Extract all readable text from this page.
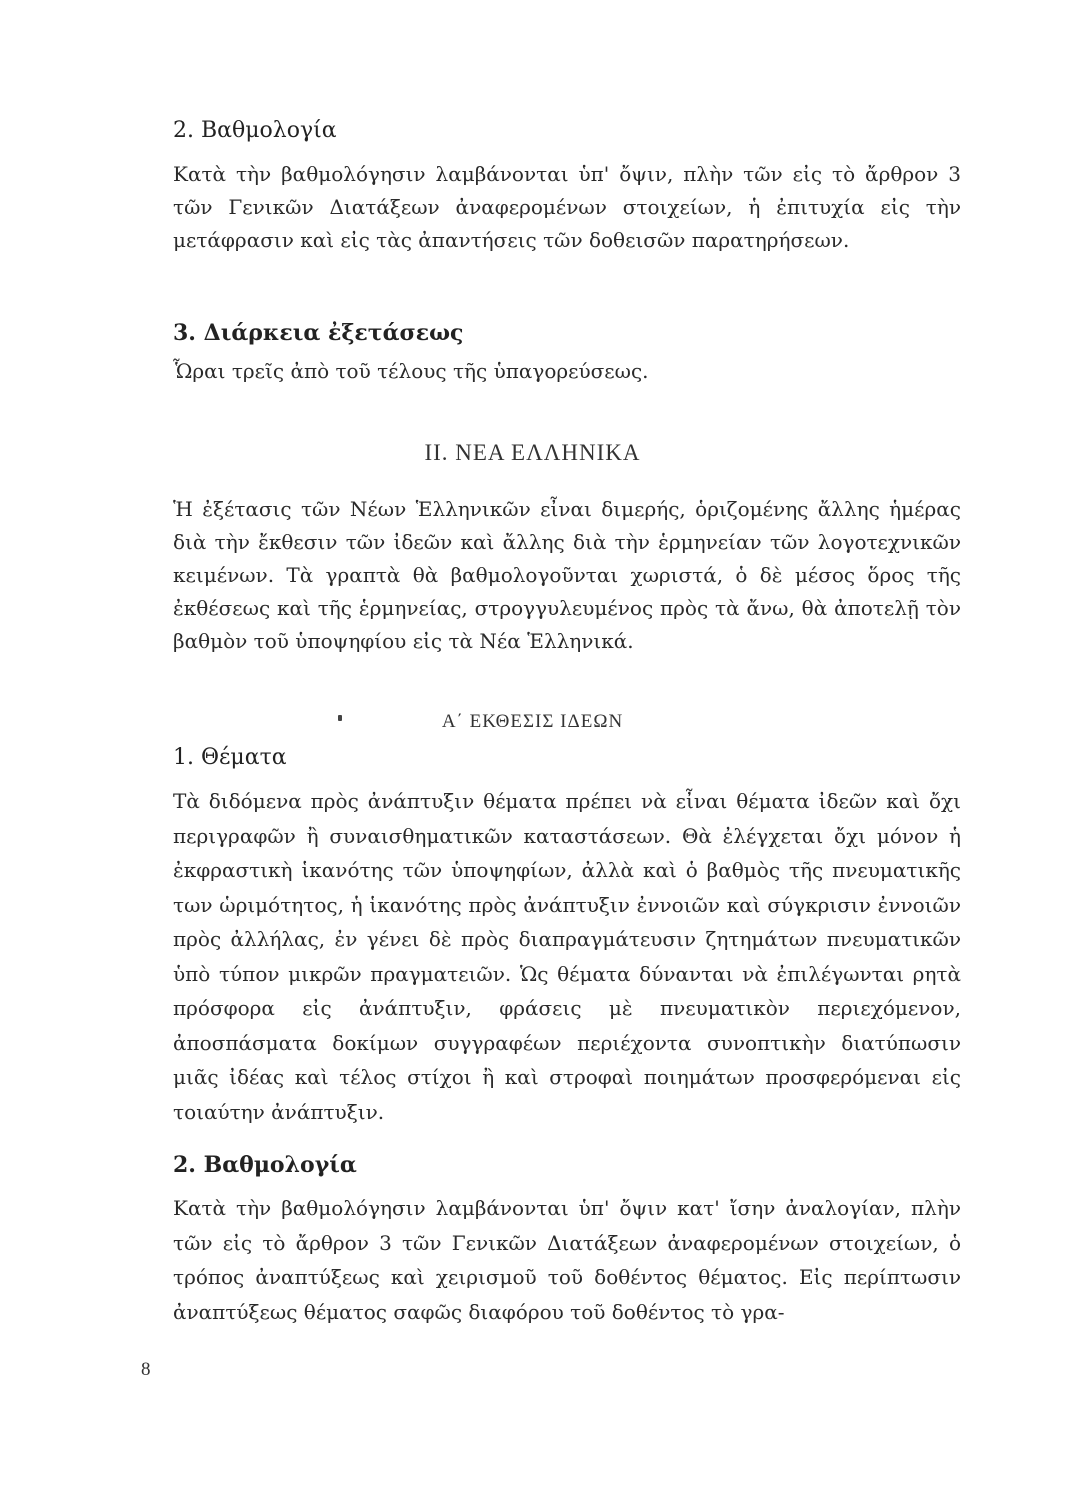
2. Βαθμολογία

Κατὰ τὴν βαθμολόγησιν λαμβάνονται ὑπ' ὄψιν, πλὴν τῶν εἰς τὸ ἄρθρον 3 τῶν Γενικῶν Διατάξεων ἀναφερομένων στοιχείων, ἡ ἐπιτυχία εἰς τὴν μετάφρασιν καὶ εἰς τὰς ἀπαντήσεις τῶν δοθεισῶν παρατηρήσεων.

3. Διάρκεια ἐξετάσεως

Ὧραι τρεῖς ἀπὸ τοῦ τέλους τῆς ὑπαγορεύσεως.

II. ΝΕΑ ΕΛΛΗΝΙΚΑ

Ἡ ἐξέτασις τῶν Νέων Ἑλληνικῶν εἶναι διμερής, ὁριζομένης ἄλλης ἡμέρας διὰ τὴν ἔκθεσιν τῶν ἰδεῶν καὶ ἄλλης διὰ τὴν ἑρμηνείαν τῶν λογοτεχνικῶν κειμένων. Τὰ γραπτὰ θὰ βαθμολογοῦνται χωριστά, ὁ δὲ μέσος ὅρος τῆς ἐκθέσεως καὶ τῆς ἑρμηνείας, στρογγυλευμένος πρὸς τὰ ἄνω, θὰ ἀποτελῇ τὸν βαθμὸν τοῦ ὑποψηφίου εἰς τὰ Νέα Ἑλληνικά.

Α΄ ΕΚΘΕΣΙΣ ΙΔΕΩΝ
1. Θέματα

Τὰ διδόμενα πρὸς ἀνάπτυξιν θέματα πρέπει νὰ εἶναι θέματα ἰδεῶν καὶ ὄχι περιγραφῶν ἢ συναισθηματικῶν καταστάσεων. Θὰ ἐλέγχεται ὄχι μόνον ἡ ἐκφραστικὴ ἱκανότης τῶν ὑποψηφίων, ἀλλὰ καὶ ὁ βαθμὸς τῆς πνευματικῆς των ὡριμότητος, ἡ ἱκανότης πρὸς ἀνάπτυξιν ἐννοιῶν καὶ σύγκρισιν ἐννοιῶν πρὸς ἀλλήλας, ἐν γένει δὲ πρὸς διαπραγμάτευσιν ζητημάτων πνευματικῶν ὑπὸ τύπον μικρῶν πραγματειῶν. Ὡς θέματα δύνανται νὰ ἐπιλέγωνται ρητὰ πρόσφορα εἰς ἀνάπτυξιν, φράσεις μὲ πνευματικὸν περιεχόμενον, ἀποσπάσματα δοκίμων συγγραφέων περιέχοντα συνοπτικὴν διατύπωσιν μιᾶς ἰδέας καὶ τέλος στίχοι ἢ καὶ στροφαὶ ποιημάτων προσφερόμεναι εἰς τοιαύτην ἀνάπτυξιν.

2. Βαθμολογία

Κατὰ τὴν βαθμολόγησιν λαμβάνονται ὑπ' ὄψιν κατ' ἴσην ἀναλογίαν, πλὴν τῶν εἰς τὸ ἄρθρον 3 τῶν Γενικῶν Διατάξεων ἀναφερομένων στοιχείων, ὁ τρόπος ἀναπτύξεως καὶ χειρισμοῦ τοῦ δοθέντος θέματος. Εἰς περίπτωσιν ἀναπτύξεως θέματος σαφῶς διαφόρου τοῦ δοθέντος τὸ γρα-

8
